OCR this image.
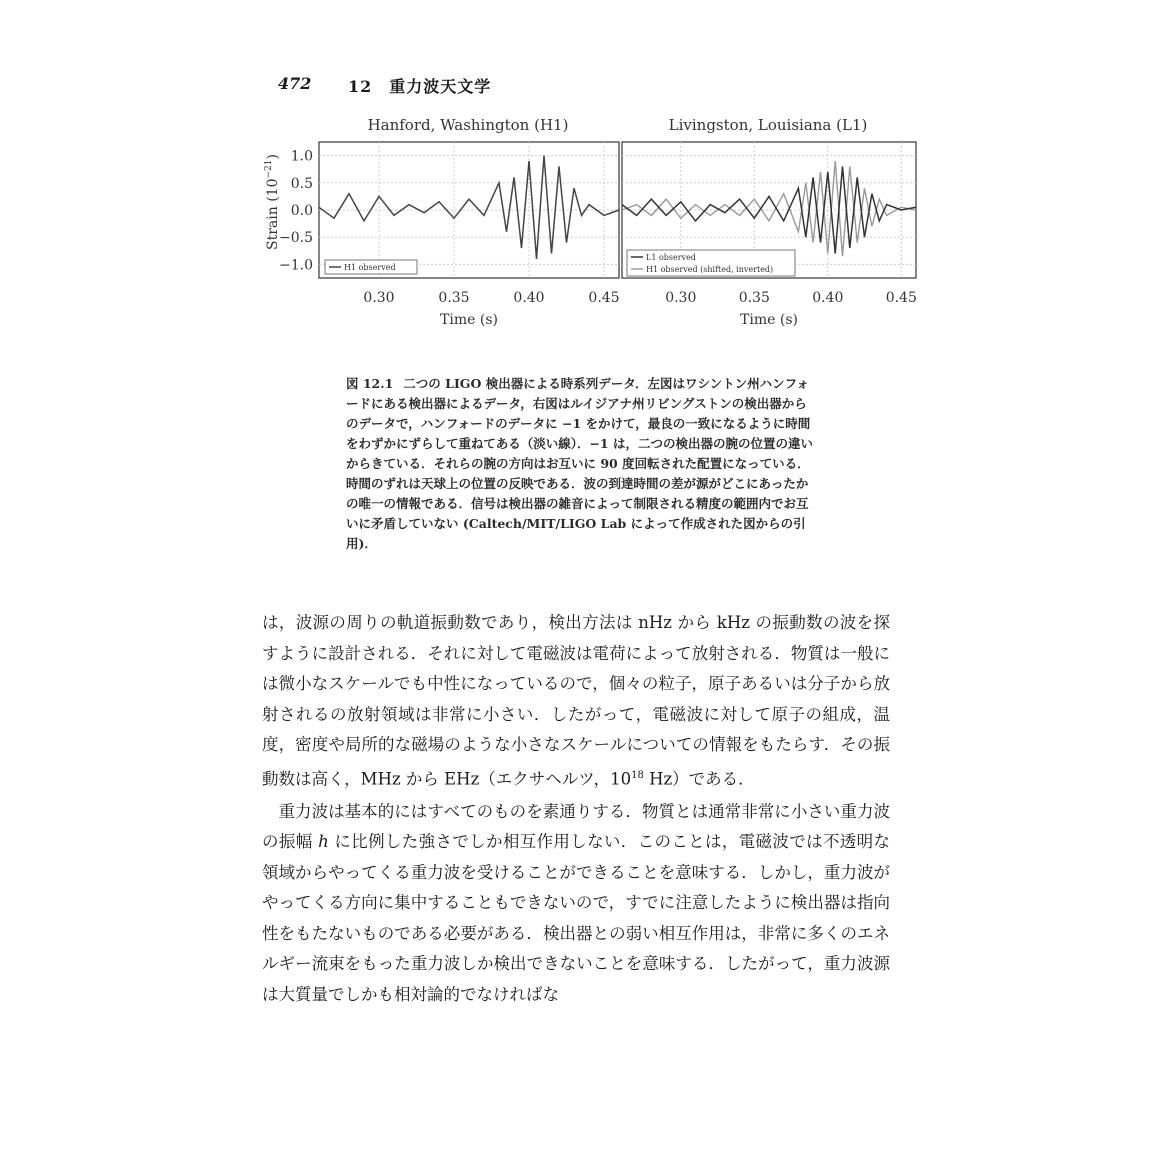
472 12　重力波天文学
Strain $(10^{-21})$
Hanford, Washington (H1)
1.0
0.5
0.0
−0.5
−1.0
0.30	0.35	0.40	0.45
H1 observed
Time (s)
Livingston, Louisiana (L1)
0.30	0.35	0.40	0.45
L1 observed
H1 observed (shifted, inverted)
Time (s)
図 12.1 二つの LIGO 検出器による時系列データ．左図はワシントン州ハンフォードにある検出器によるデータ，右図はルイジアナ州リビングストンの検出器からのデータで，ハンフォードのデータに −1 をかけて，最良の一致になるように時間をわずかにずらして重ねてある（淡い線）．−1 は，二つの検出器の腕の位置の違いからきている．それらの腕の方向はお互いに 90 度回転された配置になっている．時間のずれは天球上の位置の反映である．波の到達時間の差が源がどこにあったかの唯一の情報である．信号は検出器の雑音によって制限される精度の範囲内でお互いに矛盾していない (Caltech/MIT/LIGO Lab によって作成された図からの引用)．

は，波源の周りの軌道振動数であり，検出方法は nHz から kHz の振動数の波を探すように設計される．それに対して電磁波は電荷によって放射される．物質は一般には微小なスケールでも中性になっているので，個々の粒子，原子あるいは分子から放射されるの放射領域は非常に小さい．したがって，電磁波に対して原子の組成，温度，密度や局所的な磁場のような小さなスケールについての情報をもたらす．その振動数は高く，MHz から EHz（エクサヘルツ，$10^{18}$ Hz）である．

重力波は基本的にはすべてのものを素通りする．物質とは通常非常に小さい重力波の振幅 h に比例した強さでしか相互作用しない．このことは，電磁波では不透明な領域からやってくる重力波を受けることができることを意味する．しかし，重力波がやってくる方向に集中することもできないので，すでに注意したように検出器は指向性をもたないものである必要がある．検出器との弱い相互作用は，非常に多くのエネルギー流束をもった重力波しか検出できないことを意味する．したがって，重力波源は大質量でしかも相対論的でなければな
